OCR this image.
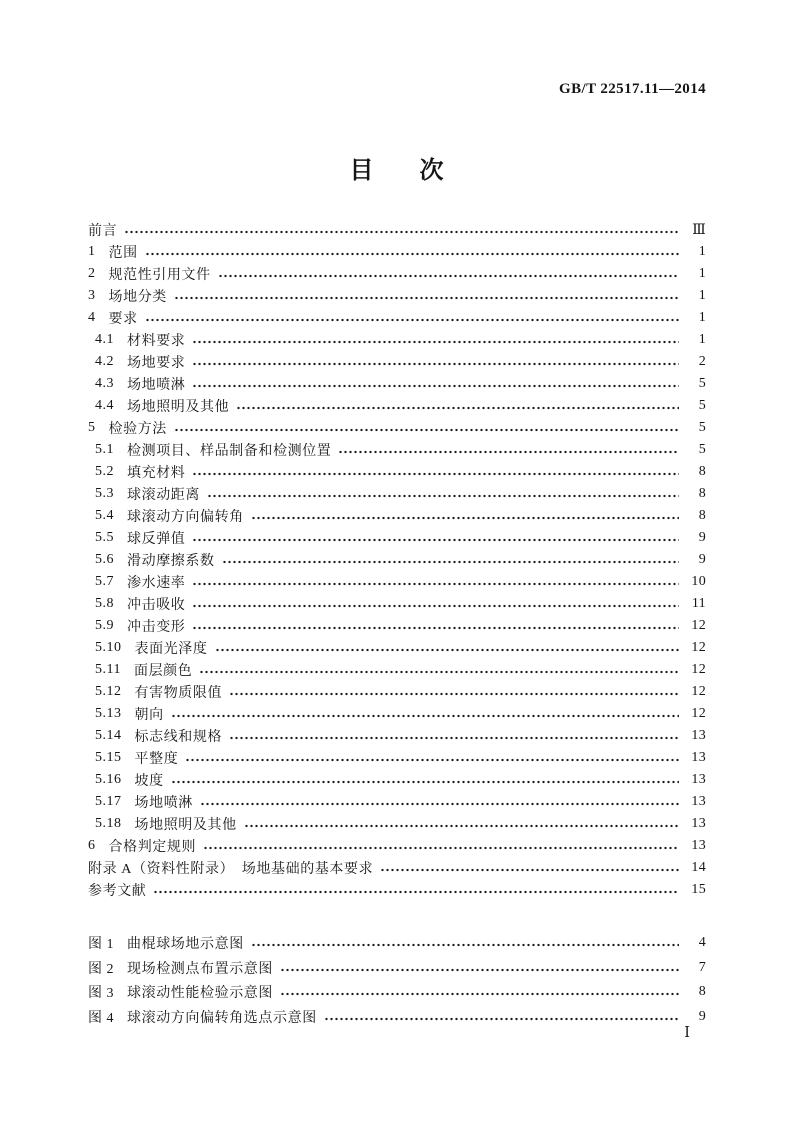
GB/T 22517.11—2014
目 次
前言	Ⅲ
1 范围	1
2 规范性引用文件	1
3 场地分类	1
4 要求	1
4.1 材料要求	1
4.2 场地要求	2
4.3 场地喷淋	5
4.4 场地照明及其他	5
5 检验方法	5
5.1 检测项目、样品制备和检测位置	5
5.2 填充材料	8
5.3 球滚动距离	8
5.4 球滚动方向偏转角	8
5.5 球反弹值	9
5.6 滑动摩擦系数	9
5.7 渗水速率	10
5.8 冲击吸收	11
5.9 冲击变形	12
5.10 表面光泽度	12
5.11 面层颜色	12
5.12 有害物质限值	12
5.13 朝向	12
5.14 标志线和规格	13
5.15 平整度	13
5.16 坡度	13
5.17 场地喷淋	13
5.18 场地照明及其他	13
6 合格判定规则	13
附录 A（资料性附录）　场地基础的基本要求	14
参考文献	15
图 1 曲棍球场地示意图	4
图 2 现场检测点布置示意图	7
图 3 球滚动性能检验示意图	8
图 4 球滚动方向偏转角选点示意图	9
Ⅰ
